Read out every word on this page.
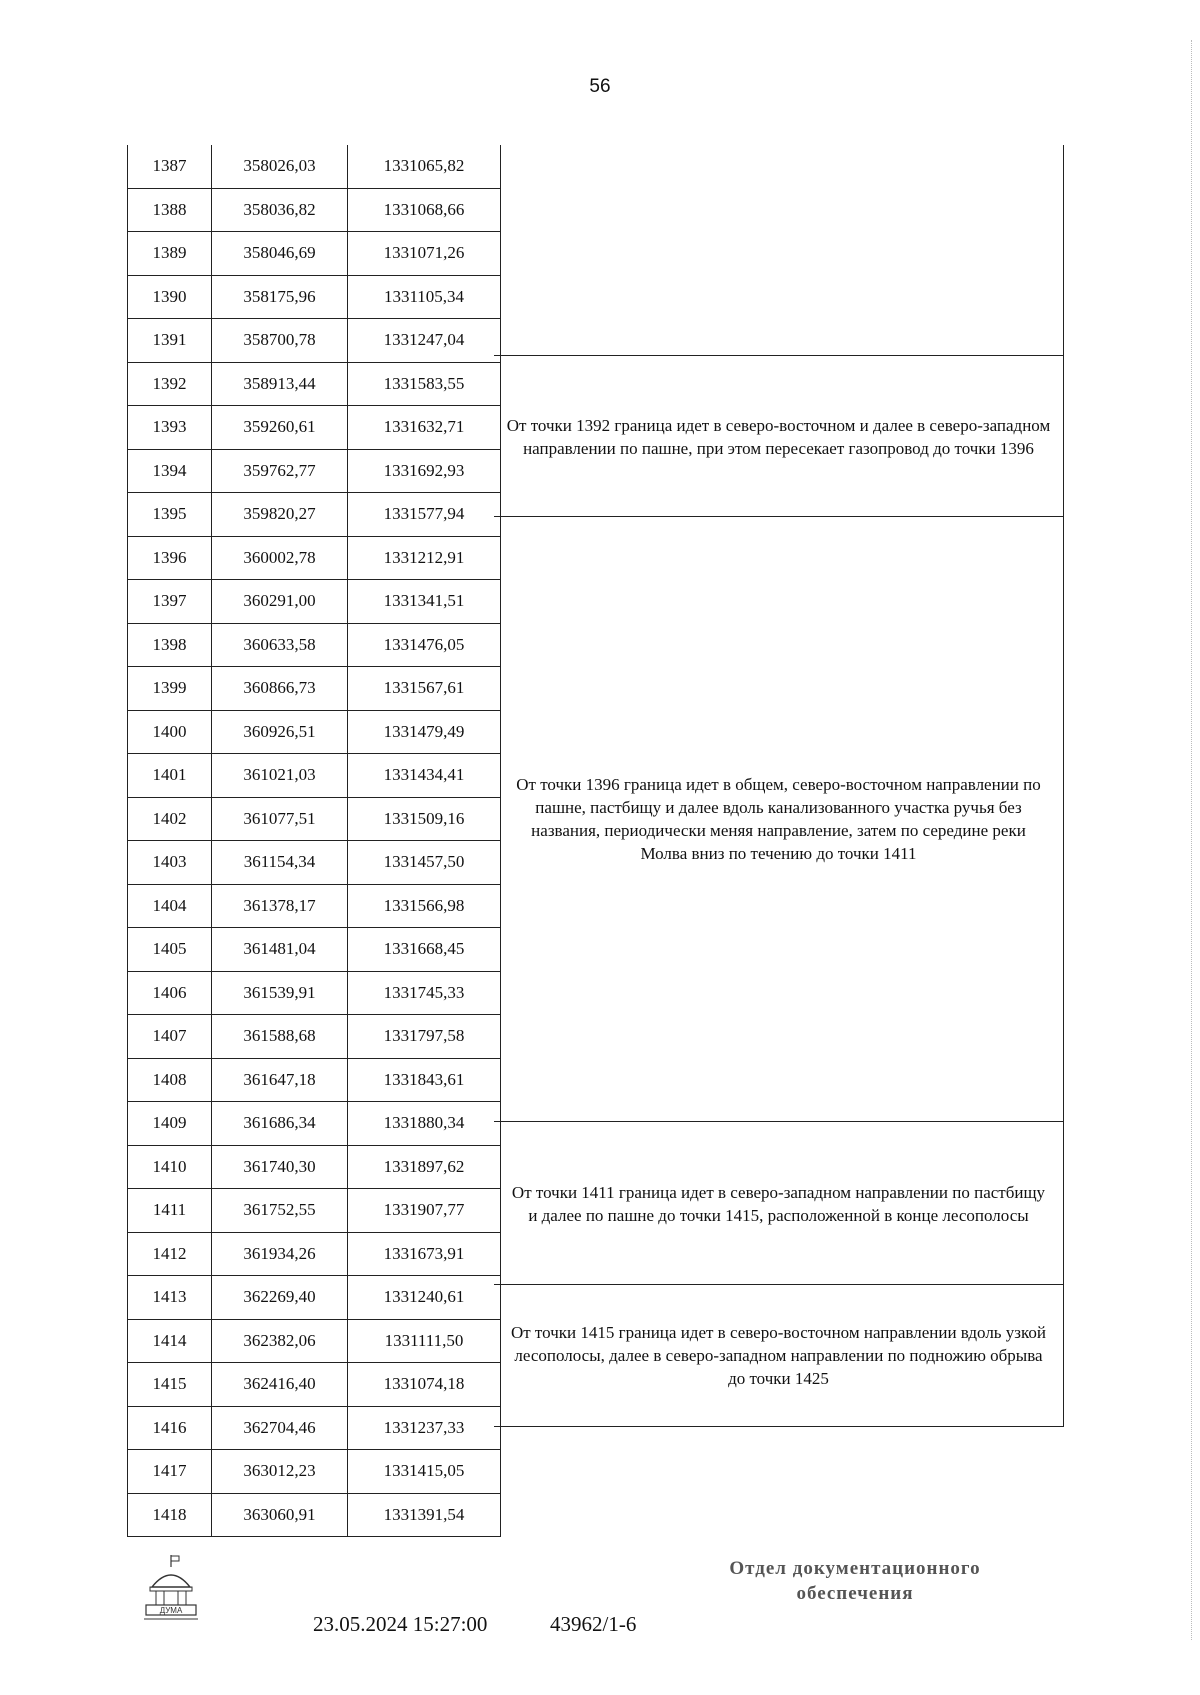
56
1387	358026,03	1331065,82
1388	358036,82	1331068,66
1389	358046,69	1331071,26
1390	358175,96	1331105,34
1391	358700,78	1331247,04
1392	358913,44	1331583,55
1393	359260,61	1331632,71
1394	359762,77	1331692,93
1395	359820,27	1331577,94
1396	360002,78	1331212,91
1397	360291,00	1331341,51
1398	360633,58	1331476,05
1399	360866,73	1331567,61
1400	360926,51	1331479,49
1401	361021,03	1331434,41
1402	361077,51	1331509,16
1403	361154,34	1331457,50
1404	361378,17	1331566,98
1405	361481,04	1331668,45
1406	361539,91	1331745,33
1407	361588,68	1331797,58
1408	361647,18	1331843,61
1409	361686,34	1331880,34
1410	361740,30	1331897,62
1411	361752,55	1331907,77
1412	361934,26	1331673,91
1413	362269,40	1331240,61
1414	362382,06	1331111,50
1415	362416,40	1331074,18
1416	362704,46	1331237,33
1417	363012,23	1331415,05
1418	363060,91	1331391,54
От точки 1392 граница идет в северо-восточном и далее в северо-западном направлении по пашне, при этом пересекает газопровод до точки 1396
От точки 1396 граница идет в общем, северо-восточном направлении по пашне, пастбищу и далее вдоль канализованного участка ручья без названия, периодически меняя направление, затем по середине реки Молва вниз по течению до точки 1411
От точки 1411 граница идет в северо-западном направлении по пастбищу и далее по пашне до точки 1415, расположенной в конце лесополосы
От точки 1415 граница идет в северо-восточном направлении вдоль узкой лесополосы, далее в северо-западном направлении по подножию обрыва до точки 1425
ДУМА
23.05.2024 15:27:00	43962/1-6
Отдел документационного
обеспечения
